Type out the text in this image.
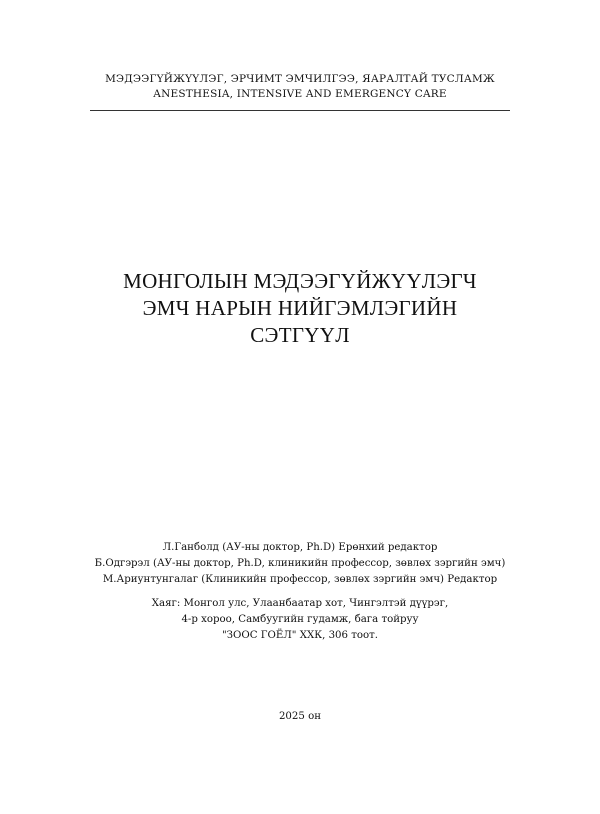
МЭДЭЭГҮЙЖҮҮЛЭГ, ЭРЧИМТ ЭМЧИЛГЭЭ, ЯАРАЛТАЙ ТУСЛАМЖ
ANESTHESIA, INTENSIVE AND EMERGENCY CARE
МОНГОЛЫН МЭДЭЭГҮЙЖҮҮЛЭГЧ
ЭМЧ НАРЫН НИЙГЭМЛЭГИЙН
СЭТГҮҮЛ
Л.Ганболд (АУ-ны доктор, Ph.D) Ерөнхий редактор
Б.Одгэрэл (АУ-ны доктор, Ph.D, клиникийн профессор, зөвлөх зэргийн эмч)
М.Ариунтунгалаг (Клиникийн профессор, зөвлөх зэргийн эмч) Редактор
Хаяг: Монгол улс, Улаанбаатар хот, Чингэлтэй дүүрэг,
4-р хороо, Самбуугийн гудамж, бага тойруу
"ЗООС ГОЁЛ" ХХК, 306 тоот.
2025 он
